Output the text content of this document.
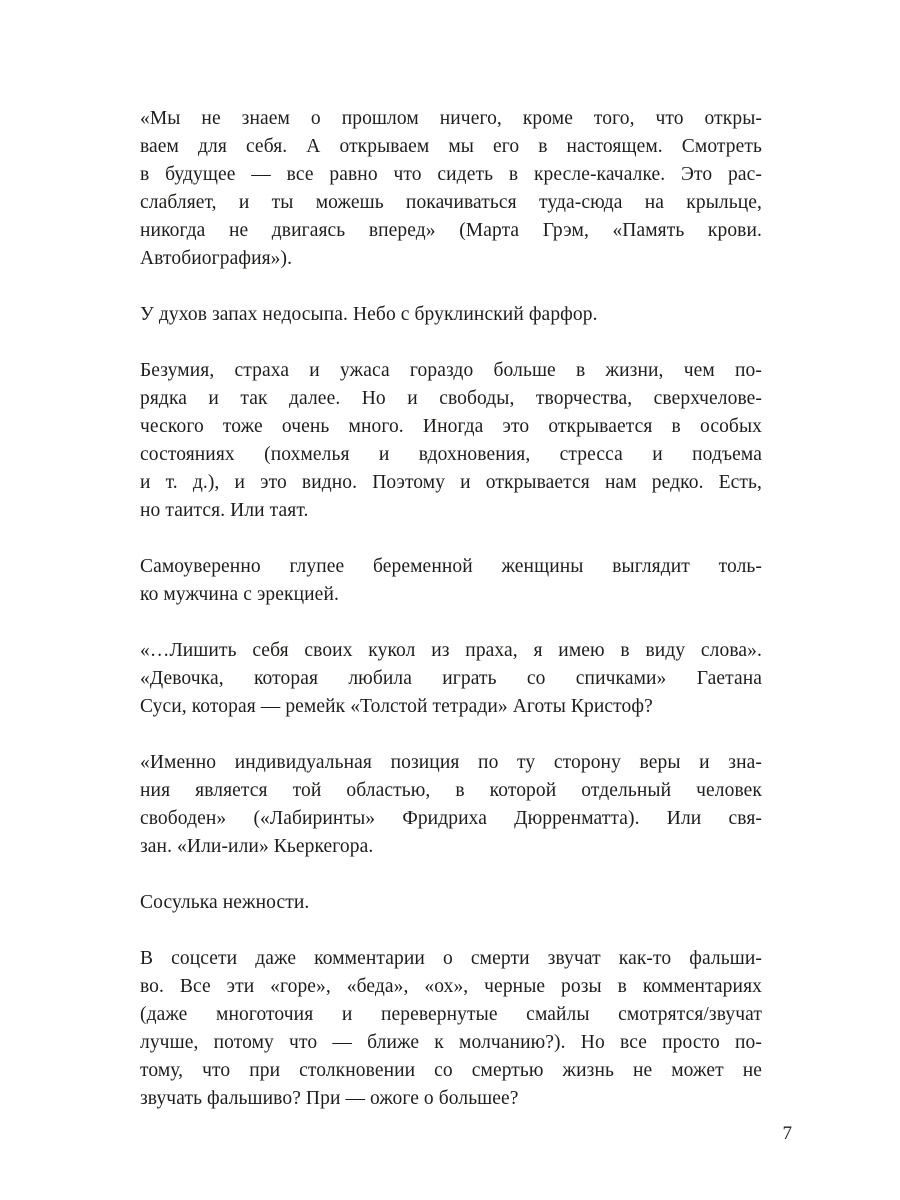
«Мы не знаем о прошлом ничего, кроме того, что откры-
ваем для себя. А открываем мы его в настоящем. Смотреть
в будущее — все равно что сидеть в кресле-качалке. Это рас-
слабляет, и ты можешь покачиваться туда-сюда на крыльце,
никогда не двигаясь вперед» (Марта Грэм, «Память крови.
Автобиография»).
У духов запах недосыпа. Небо с бруклинский фарфор.
Безумия, страха и ужаса гораздо больше в жизни, чем по-
рядка и так далее. Но и свободы, творчества, сверхчелове-
ческого тоже очень много. Иногда это открывается в особых
состояниях (похмелья и вдохновения, стресса и подъема
и т. д.), и это видно. Поэтому и открывается нам редко. Есть,
но таится. Или таят.
Самоуверенно глупее беременной женщины выглядит толь-
ко мужчина с эрекцией.
«…Лишить себя своих кукол из праха, я имею в виду слова».
«Девочка, которая любила играть со спичками» Гаетана
Суси, которая — ремейк «Толстой тетради» Аготы Кристоф?
«Именно индивидуальная позиция по ту сторону веры и зна-
ния является той областью, в которой отдельный человек
свободен» («Лабиринты» Фридриха Дюрренматта). Или свя-
зан. «Или-или» Кьеркегора.
Сосулька нежности.
В соцсети даже комментарии о смерти звучат как-то фальши-
во. Все эти «горе», «беда», «ох», черные розы в комментариях
(даже многоточия и перевернутые смайлы смотрятся/звучат
лучше, потому что — ближе к молчанию?). Но все просто по-
тому, что при столкновении со смертью жизнь не может не
звучать фальшиво? При — ожоге о большее?
7
